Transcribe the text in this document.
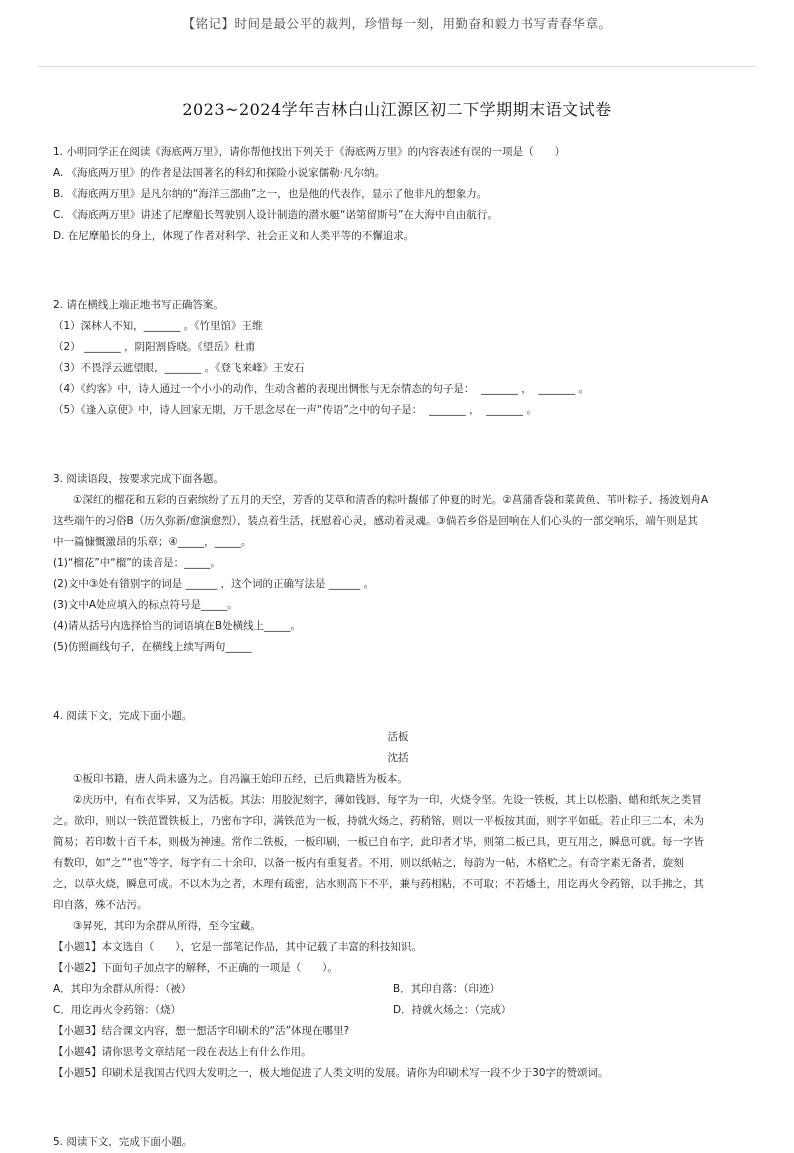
【铭记】时间是最公平的裁判，珍惜每一刻，用勤奋和毅力书写青春华章。
2023~2024学年吉林白山江源区初二下学期期末语文试卷
1. 小明同学正在阅读《海底两万里》，请你帮他找出下列关于《海底两万里》的内容表述有误的一项是（　　）
A. 《海底两万里》的作者是法国著名的科幻和探险小说家儒勒·凡尔纳。
B. 《海底两万里》是凡尔纳的“海洋三部曲”之一，也是他的代表作，显示了他非凡的想象力。
C. 《海底两万里》讲述了尼摩船长驾驶别人设计制造的潜水艇“诺第留斯号”在大海中自由航行。
D. 在尼摩船长的身上，体现了作者对科学、社会正义和人类平等的不懈追求。
2. 请在横线上端正地书写正确答案。
（1）深林人不知，_______ 。《竹里馆》王维
（2） _______ ，阴阳割昏晓。《望岳》杜甫
（3）不畏浮云遮望眼，_______ 。《登飞来峰》王安石
（4）《约客》中，诗人通过一个小小的动作，生动含蓄的表现出惆怅与无奈情态的句子是：  _______ ，  _______ 。
（5）《逢入京使》中，诗人回家无期，万千思念尽在一声“传语”之中的句子是：  _______ ，  _______ 。
3. 阅读语段，按要求完成下面各题。
①深红的榴花和五彩的百索缤纷了五月的天空，芳香的艾草和清香的粽叶馥郁了仲夏的时光。②菖蒲香袋和菜黄鱼、苇叶粽子、扬波划舟A
这些端午的习俗B（历久弥新/愈演愈烈），装点着生活，抚慰着心灵，感动着灵魂。③倘若乡俗是回响在人们心头的一部交响乐，端午则是其
中一篇慷慨激昂的乐章；④_____，_____。
(1)“榴花”中“榴”的读音是：_____。
(2)文中③处有错别字的词是 ______ ，这个词的正确写法是 ______ 。
(3)文中A处应填入的标点符号是_____。
(4)请从括号内选择恰当的词语填在B处横线上_____。
(5)仿照画线句子，在横线上续写两句_____
4. 阅读下文，完成下面小题。
活板
沈括
①板印书籍，唐人尚未盛为之。自冯瀛王始印五经，已后典籍皆为板本。
②庆历中，有布衣毕昇，又为活板。其法：用胶泥刻字，薄如钱唇，每字为一印，火烧令坚。先设一铁板，其上以松脂、蜡和纸灰之类冒
之。欲印，则以一铁范置铁板上，乃密布字印，满铁范为一板，持就火炀之，药稍镕，则以一平板按其面，则字平如砥。若止印三二本，未为
简易；若印数十百千本，则极为神速。常作二铁板，一板印刷，一板已自布字，此印者才毕，则第二板已具，更互用之，瞬息可就。每一字皆
有数印，如“之”“也”等字，每字有二十余印，以备一板内有重复者。不用，则以纸帖之，每韵为一帖，木格贮之。有奇字素无备者，旋刻
之，以草火烧，瞬息可成。不以木为之者，木理有疏密，沾水则高下不平，兼与药相粘，不可取；不若燔土，用讫再火令药镕，以手拂之，其
印自落，殊不沾污。
③昇死，其印为余群从所得，至今宝藏。
【小题1】本文选自（　　），它是一部笔记作品，其中记载了丰富的科技知识。
【小题2】下面句子加点字的解释，不正确的一项是（　　）。
A．其印为余群从所得：（被）	B．其印自落：（印迹）
C．用讫再火令药镕：（烧）	D．持就火炀之：（完成）
【小题3】结合课文内容，想一想活字印刷术的“活”体现在哪里?
【小题4】请你思考文章结尾一段在表达上有什么作用。
【小题5】印刷术是我国古代四大发明之一，极大地促进了人类文明的发展。请你为印刷术写一段不少于30字的赞颂词。
5. 阅读下文，完成下面小题。
